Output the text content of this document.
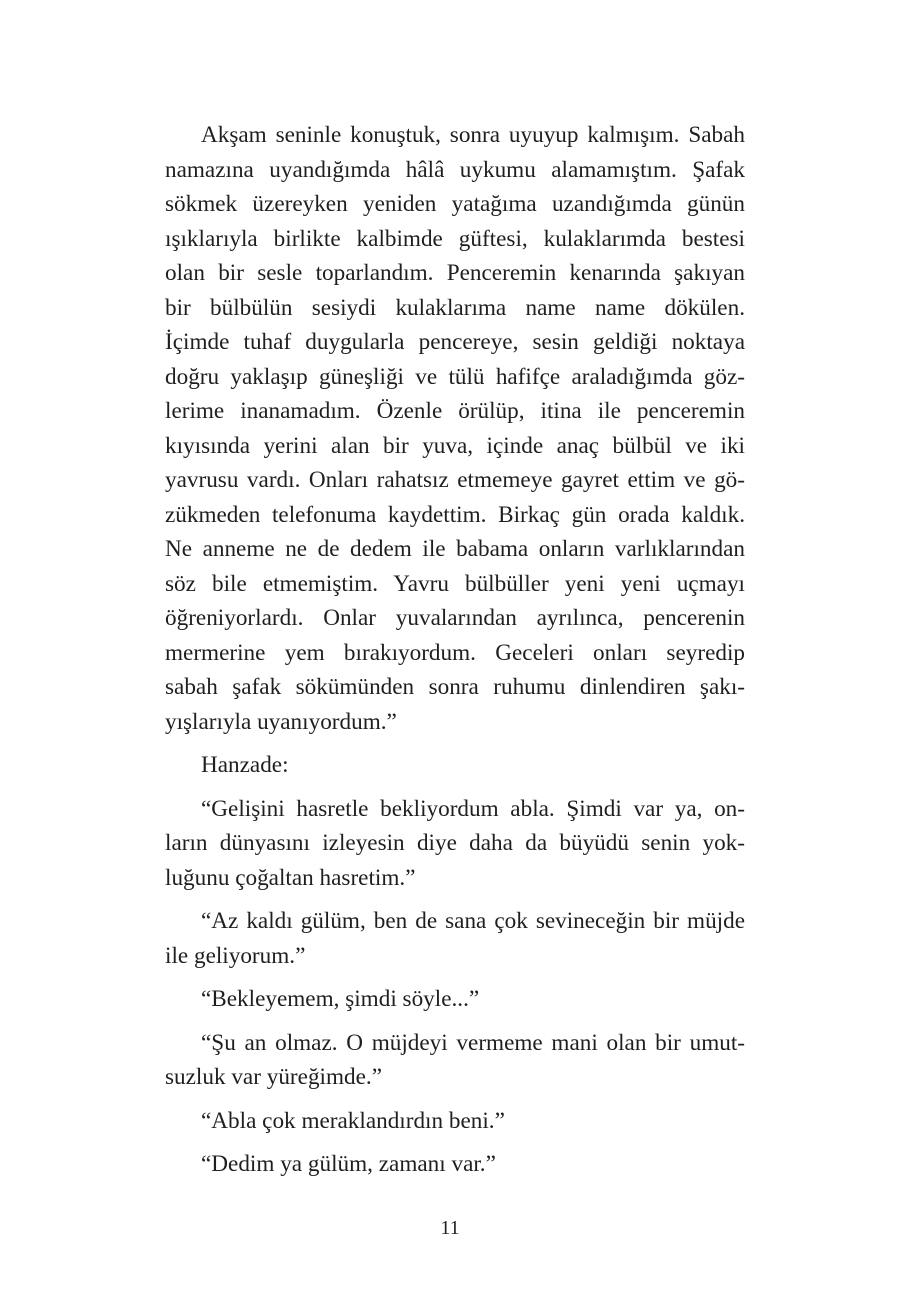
Akşam seninle konuştuk, sonra uyuyup kalmışım. Sabah
namazına uyandığımda hâlâ uykumu alamamıştım. Şafak
sökmek üzereyken yeniden yatağıma uzandığımda günün
ışıklarıyla birlikte kalbimde güftesi, kulaklarımda bestesi
olan bir sesle toparlandım. Penceremin kenarında şakıyan
bir bülbülün sesiydi kulaklarıma name name dökülen.
İçimde tuhaf duygularla pencereye, sesin geldiği noktaya
doğru yaklaşıp güneşliği ve tülü hafifçe araladığımda göz-
lerime inanamadım. Özenle örülüp, itina ile penceremin
kıyısında yerini alan bir yuva, içinde anaç bülbül ve iki
yavrusu vardı. Onları rahatsız etmemeye gayret ettim ve gö-
zükmeden telefonuma kaydettim. Birkaç gün orada kaldık.
Ne anneme ne de dedem ile babama onların varlıklarından
söz bile etmemiştim. Yavru bülbüller yeni yeni uçmayı
öğreniyorlardı. Onlar yuvalarından ayrılınca, pencerenin
mermerine yem bırakıyordum. Geceleri onları seyredip
sabah şafak sökümünden sonra ruhumu dinlendiren şakı-
yışlarıyla uyanıyordum.”
Hanzade:
“Gelişini hasretle bekliyordum abla. Şimdi var ya, on-
ların dünyasını izleyesin diye daha da büyüdü senin yok-
luğunu çoğaltan hasretim.”
“Az kaldı gülüm, ben de sana çok sevineceğin bir müjde
ile geliyorum.”
“Bekleyemem, şimdi söyle...”
“Şu an olmaz. O müjdeyi vermeme mani olan bir umut-
suzluk var yüreğimde.”
“Abla çok meraklandırdın beni.”
“Dedim ya gülüm, zamanı var.”
11
